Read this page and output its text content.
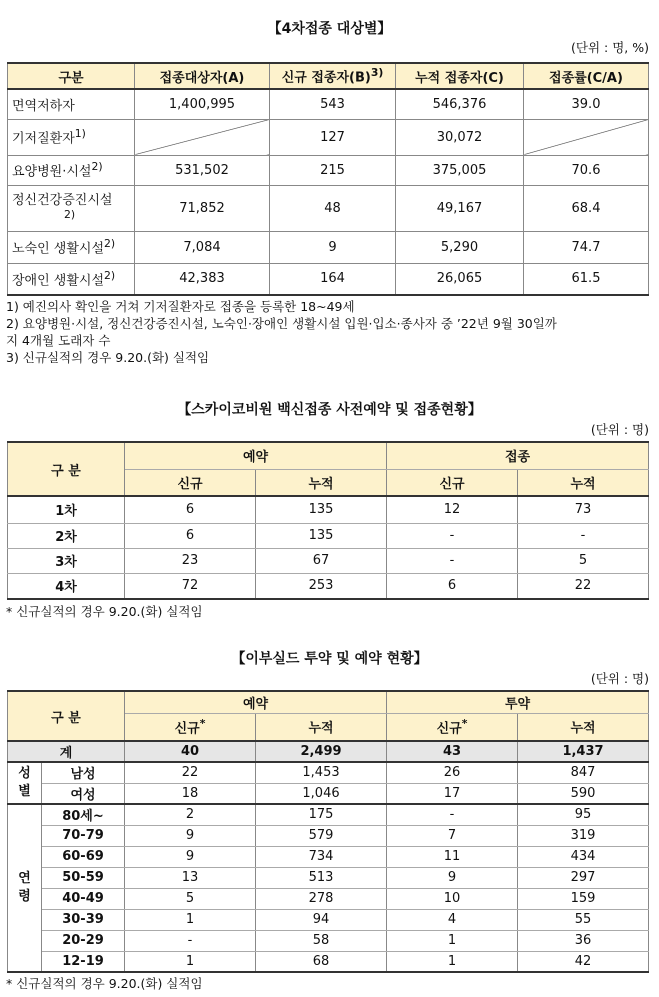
【4차접종 대상별】
(단위 : 명, %)
구분	접종대상자(A)	신규 접종자$(B)^{3)}$	누적 접종자(C)	접종률(C/A)
면역저하자	1,400,995	543	546,376	39.0
기저질환자$^{1)}$		127	30,072	
요양병원·시설$^{2)}$	531,502	215	375,005	70.6
정신건강증진시설
$^{2)}$	71,852	48	49,167	68.4
노숙인 생활시설$^{2)}$	7,084	9	5,290	74.7
장애인 생활시설$^{2)}$	42,383	164	26,065	61.5
1) 예진의사 확인을 거쳐 기저질환자로 접종을 등록한 18~49세
2) 요양병원·시설, 정신건강증진시설, 노숙인·장애인 생활시설 입원·입소·종사자 중 ’22년 9월 30일까
지 4개월 도래자 수
3) 신규실적의 경우 9.20.(화) 실적임
【스카이코비원 백신접종 사전예약 및 접종현황】
(단위 : 명)
구 분	예약		접종	
	신규	누적	신규	누적
1차	6	135	12	73
2차	6	135	-	-
3차	23	67	-	5
4차	72	253	6	22
* 신규실적의 경우 9.20.(화) 실적임
【이부실드 투약 및 예약 현황】
(단위 : 명)
구 분		예약		투약	
		신규*	누적	신규*	누적
계		40	2,499	43	1,437
성별	남성	22	1,453	26	847
	여성	18	1,046	17	590
연령	80세~	2	175	-	95
	70-79	9	579	7	319
	60-69	9	734	11	434
	50-59	13	513	9	297
	40-49	5	278	10	159
	30-39	1	94	4	55
	20-29	-	58	1	36
	12-19	1	68	1	42
* 신규실적의 경우 9.20.(화) 실적임
